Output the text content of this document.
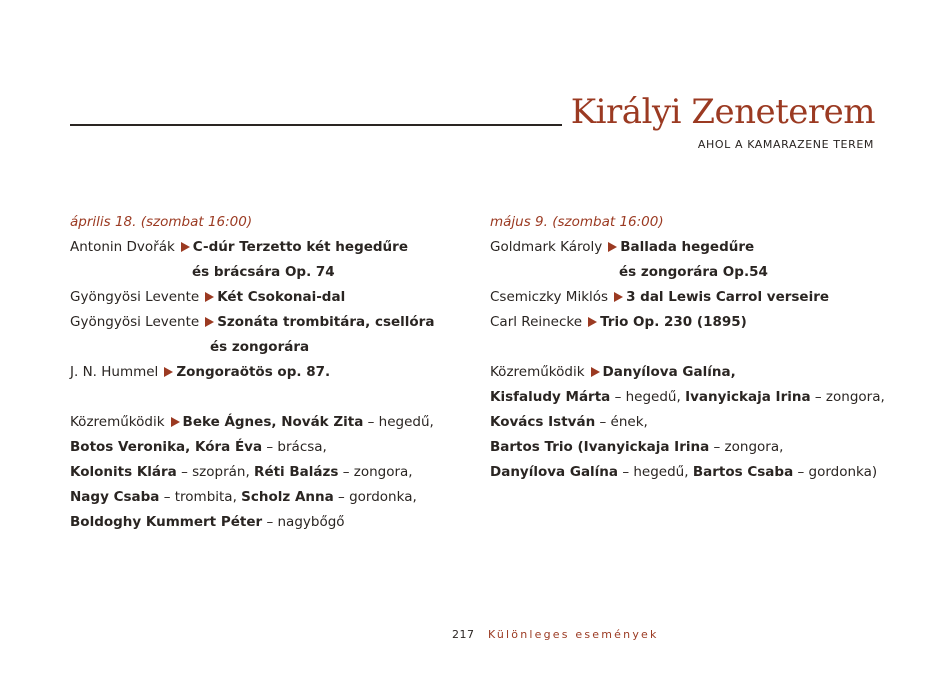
Királyi Zeneterem
AHOL A KAMARAZENE TEREM
április 18. (szombat 16:00)
Antonin Dvořák C-dúr Terzetto két hegedűre
és brácsára Op. 74
Gyöngyösi Levente Két Csokonai-dal
Gyöngyösi Levente Szonáta trombitára, csellóra
és zongorára
J. N. Hummel Zongoraötös op. 87.
Közreműködik Beke Ágnes, Novák Zita – hegedű,
Botos Veronika, Kóra Éva – brácsa,
Kolonits Klára – szoprán, Réti Balázs – zongora,
Nagy Csaba – trombita, Scholz Anna – gordonka,
Boldoghy Kummert Péter – nagybőgő
május 9. (szombat 16:00)
Goldmark Károly Ballada hegedűre
és zongorára Op.54
Csemiczky Miklós 3 dal Lewis Carrol verseire
Carl Reinecke Trio Op. 230 (1895)
Közreműködik Danyílova Galína,
Kisfaludy Márta – hegedű, Ivanyickaja Irina – zongora,
Kovács István – ének,
Bartos Trio (Ivanyickaja Irina – zongora,
Danyílova Galína – hegedű, Bartos Csaba – gordonka)
217 Különleges események
